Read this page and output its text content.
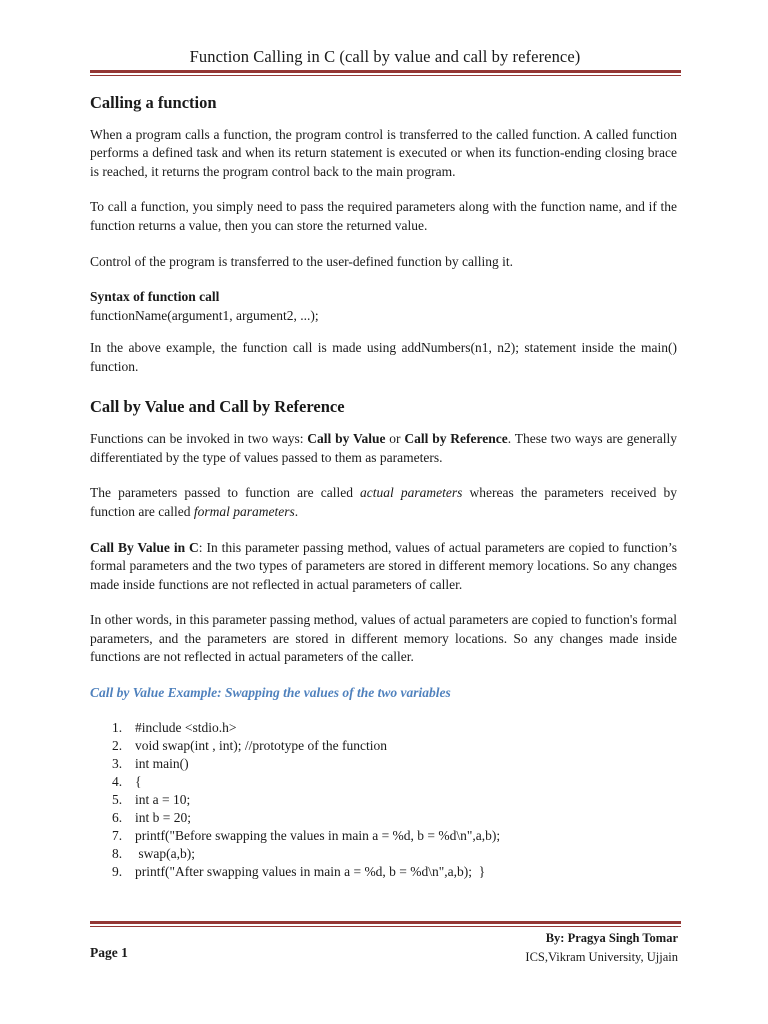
Function Calling in C (call by value and call by reference)
Calling a function

When a program calls a function, the program control is transferred to the called function. A called function performs a defined task and when its return statement is executed or when its function-ending closing brace is reached, it returns the program control back to the main program.

To call a function, you simply need to pass the required parameters along with the function name, and if the function returns a value, then you can store the returned value.

Control of the program is transferred to the user-defined function by calling it.

Syntax of function call

functionName(argument1, argument2, ...);

In the above example, the function call is made using addNumbers(n1, n2); statement inside the main() function.

Call by Value and Call by Reference

Functions can be invoked in two ways: Call by Value or Call by Reference. These two ways are generally differentiated by the type of values passed to them as parameters.

The parameters passed to function are called actual parameters whereas the parameters received by function are called formal parameters.

Call By Value in C: In this parameter passing method, values of actual parameters are copied to function’s formal parameters and the two types of parameters are stored in different memory locations. So any changes made inside functions are not reflected in actual parameters of caller.

In other words, in this parameter passing method, values of actual parameters are copied to function's formal parameters, and the parameters are stored in different memory locations. So any changes made inside functions are not reflected in actual parameters of the caller.

Call by Value Example: Swapping the values of the two variables

1. #include <stdio.h>
2. void swap(int , int); //prototype of the function
3. int main()
4. {
5. int a = 10;
6. int b = 20;
7. printf("Before swapping the values in main a = %d, b = %d\n",a,b);
8. swap(a,b);
9. printf("After swapping values in main a = %d, b = %d\n",a,b);  }
By: Pragya Singh Tomar
ICS,Vikram University, Ujjain
Page 1
